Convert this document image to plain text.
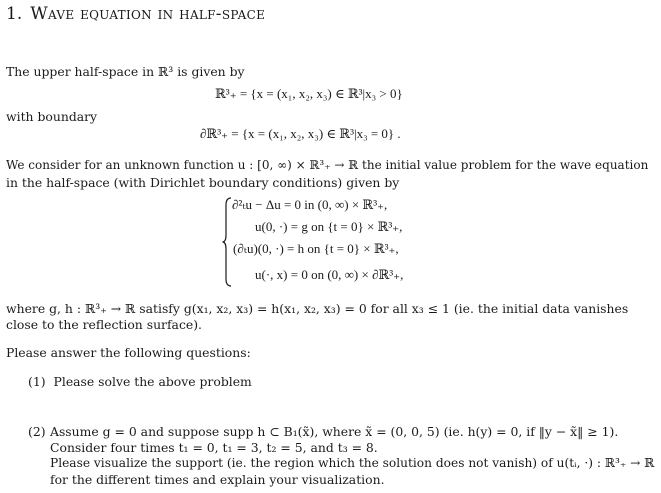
1. Wave equation in half-space
The upper half-space in ℝ³ is given by
ℝ³₊ = {x = (x₁, x₂, x₃) ∈ ℝ³|x₃ > 0}
with boundary
∂ℝ³₊ = {x = (x₁, x₂, x₃) ∈ ℝ³|x₃ = 0} .
We consider for an unknown function u : [0, ∞) × ℝ³₊ → ℝ the initial value problem for the wave equation
in the half-space (with Dirichlet boundary conditions) given by
∂²ₜu − Δu = 0 in (0, ∞) × ℝ³₊,
u(0, ·) = g on {t = 0} × ℝ³₊,
(∂ₜu)(0, ·) = h on {t = 0} × ℝ³₊,
u(·, x) = 0 on (0, ∞) × ∂ℝ³₊,
where g, h : ℝ³₊ → ℝ satisfy g(x₁, x₂, x₃) = h(x₁, x₂, x₃) = 0 for all x₃ ≤ 1 (ie. the initial data vanishes
close to the reflection surface).
Please answer the following questions:
(1) Please solve the above problem
(2) Assume g = 0 and suppose supp h ⊂ B₁(x̃), where x̃ = (0, 0, 5) (ie. h(y) = 0, if ‖y − x̃‖ ≥ 1).
Consider four times t₁ = 0, t₁ = 3, t₂ = 5, and t₃ = 8.
Please visualize the support (ie. the region which the solution does not vanish) of u(tᵢ, ·) : ℝ³₊ → ℝ
for the different times and explain your visualization.
